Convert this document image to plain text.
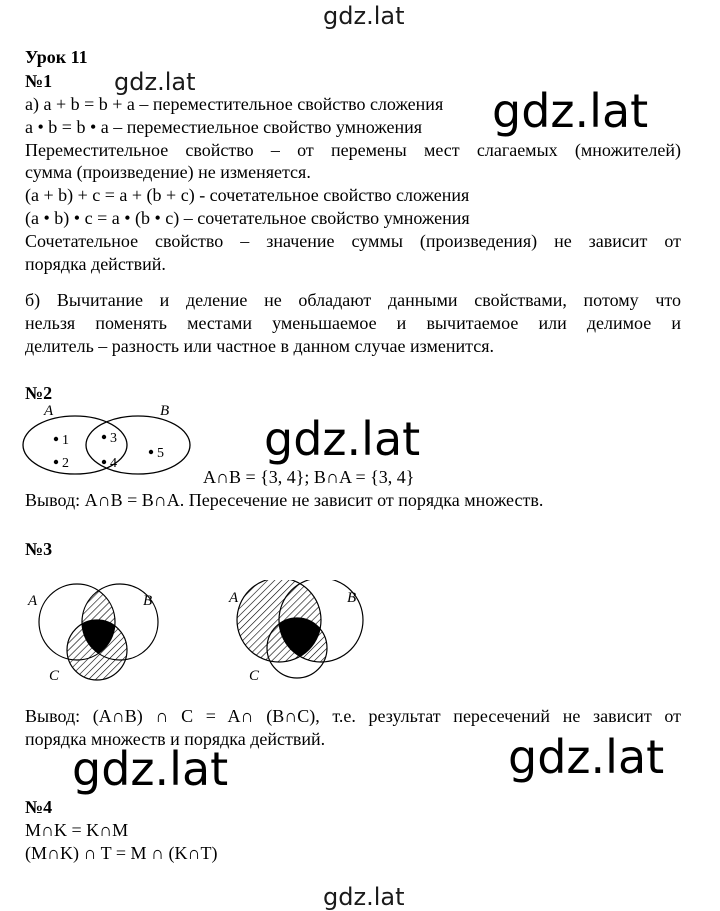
gdz.lat
gdz.lat
gdz.lat
gdz.lat
gdz.lat	gdz.lat
gdz.lat
Урок 11
№1
а) a + b = b + a – переместительное свойство сложения
a • b = b • a – переместиельное свойство умножения
Переместительное свойство – от перемены мест слагаемых (множителей)
сумма (произведение) не изменяется.
(a + b) + c = a + (b + c) - сочетательное свойство сложения
(a • b) • c = a • (b • c) – сочетательное свойство умножения
Сочетательное свойство – значение суммы (произведения) не зависит от
порядка действий.
б) Вычитание и деление не обладают данными свойствами, потому что
нельзя поменять местами уменьшаемое и вычитаемое или делимое и
делитель – разность или частное в данном случае изменится.
№2
A	B
1
2
3
4
5
A∩B = {3, 4}; B∩A = {3, 4}
Вывод: A∩B = B∩A. Пересечение не зависит от порядка множеств.
№3
A	B
C
A	B
C
Вывод: (A∩B) ∩ C = A∩ (B∩C), т.е. результат пересечений не зависит от
порядка множеств и порядка действий.
№4
M∩K = K∩M
(M∩K) ∩ T = M ∩ (K∩T)
